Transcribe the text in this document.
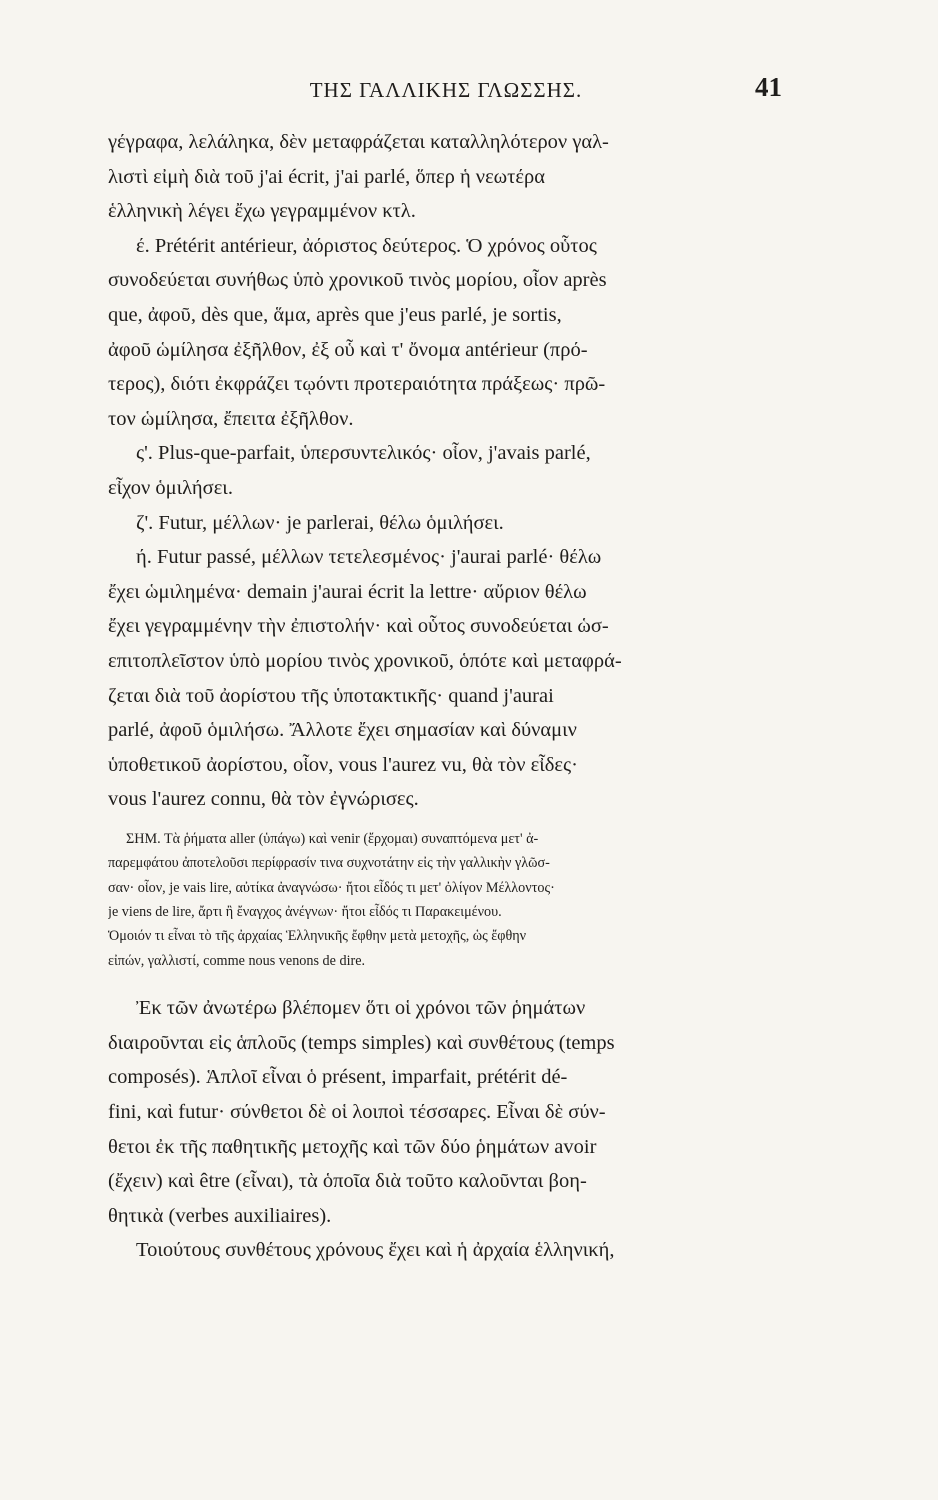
ΤΗΣ ΓΑΛΛΙΚΗΣ ΓΛΩΣΣΗΣ.	41
γέγραφα, λελάληκα, δὲν μεταφράζεται καταλληλότερον γαλ-
λιστὶ εἰμὴ διὰ τοῦ j'ai écrit, j'ai parlé, ὅπερ ἡ νεωτέρα
ἑλληνικὴ λέγει ἔχω γεγραμμένον κτλ.
έ. Prétérit antérieur, ἀόριστος δεύτερος. Ὁ χρόνος οὗτος
συνοδεύεται συνήθως ὑπὸ χρονικοῦ τινὸς μορίου, οἷον après
que, ἀφοῦ, dès que, ἅμα, après que j'eus parlé, je sortis,
ἀφοῦ ὡμίλησα ἐξῆλθον, ἐξ οὗ καὶ τ' ὄνομα antérieur (πρό-
τερος), διότι ἐκφράζει τῳόντι προτεραιότητα πράξεως· πρῶ-
τον ὡμίλησα, ἔπειτα ἐξῆλθον.
ς'. Plus-que-parfait, ὑπερσυντελικός· οἷον, j'avais parlé,
εἶχον ὁμιλήσει.
ζ'. Futur, μέλλων· je parlerai, θέλω ὁμιλήσει.
ή. Futur passé, μέλλων τετελεσμένος· j'aurai parlé· θέλω
ἔχει ὡμιλημένα· demain j'aurai écrit la lettre· αὔριον θέλω
ἔχει γεγραμμένην τὴν ἐπιστολήν· καὶ οὗτος συνοδεύεται ὡσ-
επιτοπλεῖστον ὑπὸ μορίου τινὸς χρονικοῦ, ὁπότε καὶ μεταφρά-
ζεται διὰ τοῦ ἀορίστου τῆς ὑποτακτικῆς· quand j'aurai
parlé, ἀφοῦ ὁμιλήσω. Ἄλλοτε ἔχει σημασίαν καὶ δύναμιν
ὑποθετικοῦ ἀορίστου, οἷον, vous l'aurez vu, θὰ τὸν εἶδες·
vous l'aurez connu, θὰ τὸν ἐγνώρισες.
ΣΗΜ. Τὰ ῥήματα aller (ὑπάγω) καὶ venir (ἔρχομαι) συναπτόμενα μετ' ἀ-
παρεμφάτου ἀποτελοῦσι περίφρασίν τινα συχνοτάτην εἰς τὴν γαλλικὴν γλῶσ-
σαν· οἷον, je vais lire, αὐτίκα ἀναγνώσω· ἤτοι εἶδός τι μετ' ὀλίγον Μέλλοντος·
je viens de lire, ἄρτι ἢ ἔναγχος ἀνέγνων· ἤτοι εἶδός τι Παρακειμένου.
Ὁμοιόν τι εἶναι τὸ τῆς ἀρχαίας Ἑλληνικῆς ἔφθην μετὰ μετοχῆς, ὡς ἔφθην
εἰπών, γαλλιστί, comme nous venons de dire.
Ἐκ τῶν ἀνωτέρω βλέπομεν ὅτι οἱ χρόνοι τῶν ῥημάτων
διαιροῦνται εἰς ἁπλοῦς (temps simples) καὶ συνθέτους (temps
composés). Ἁπλοῖ εἶναι ὁ présent, imparfait, prétérit dé-
fini, καὶ futur· σύνθετοι δὲ οἱ λοιποὶ τέσσαρες. Εἶναι δὲ σύν-
θετοι ἐκ τῆς παθητικῆς μετοχῆς καὶ τῶν δύο ῥημάτων avoir
(ἔχειν) καὶ être (εἶναι), τὰ ὁποῖα διὰ τοῦτο καλοῦνται βοη-
θητικὰ (verbes auxiliaires).
Τοιούτους συνθέτους χρόνους ἔχει καὶ ἡ ἀρχαία ἑλληνική,
